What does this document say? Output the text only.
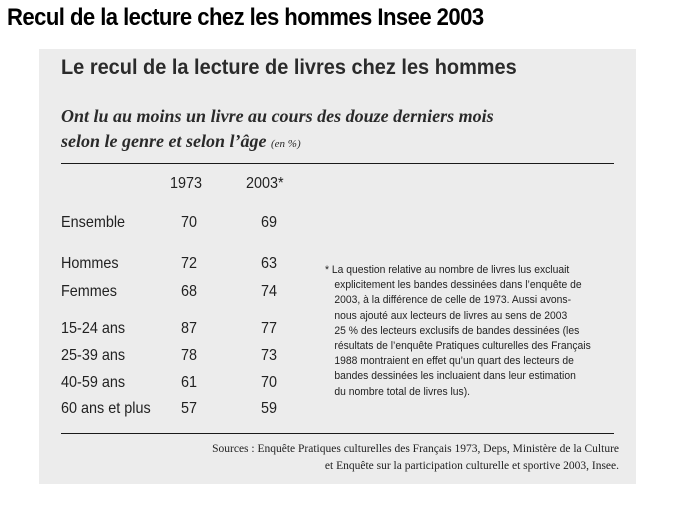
Recul de la lecture chez les hommes Insee 2003
Le recul de la lecture de livres chez les hommes
Ont lu au moins un livre au cours des douze derniers mois
selon le genre et selon l’âge (en %)
1973	2003*
Ensemble	70	69
Hommes	72	63
Femmes	68	74
15-24 ans	87	77
25-39 ans	78	73
40-59 ans	61	70
60 ans et plus 57	59
* La question relative au nombre de livres lus excluait
explicitement les bandes dessinées dans l’enquête de
2003, à la différence de celle de 1973. Aussi avons-
nous ajouté aux lecteurs de livres au sens de 2003
25 % des lecteurs exclusifs de bandes dessinées (les
résultats de l’enquête Pratiques culturelles des Français
1988 montraient en effet qu’un quart des lecteurs de
bandes dessinées les incluaient dans leur estimation
du nombre total de livres lus).
Sources : Enquête Pratiques culturelles des Français 1973, Deps, Ministère de la Culture
et Enquête sur la participation culturelle et sportive 2003, Insee.
